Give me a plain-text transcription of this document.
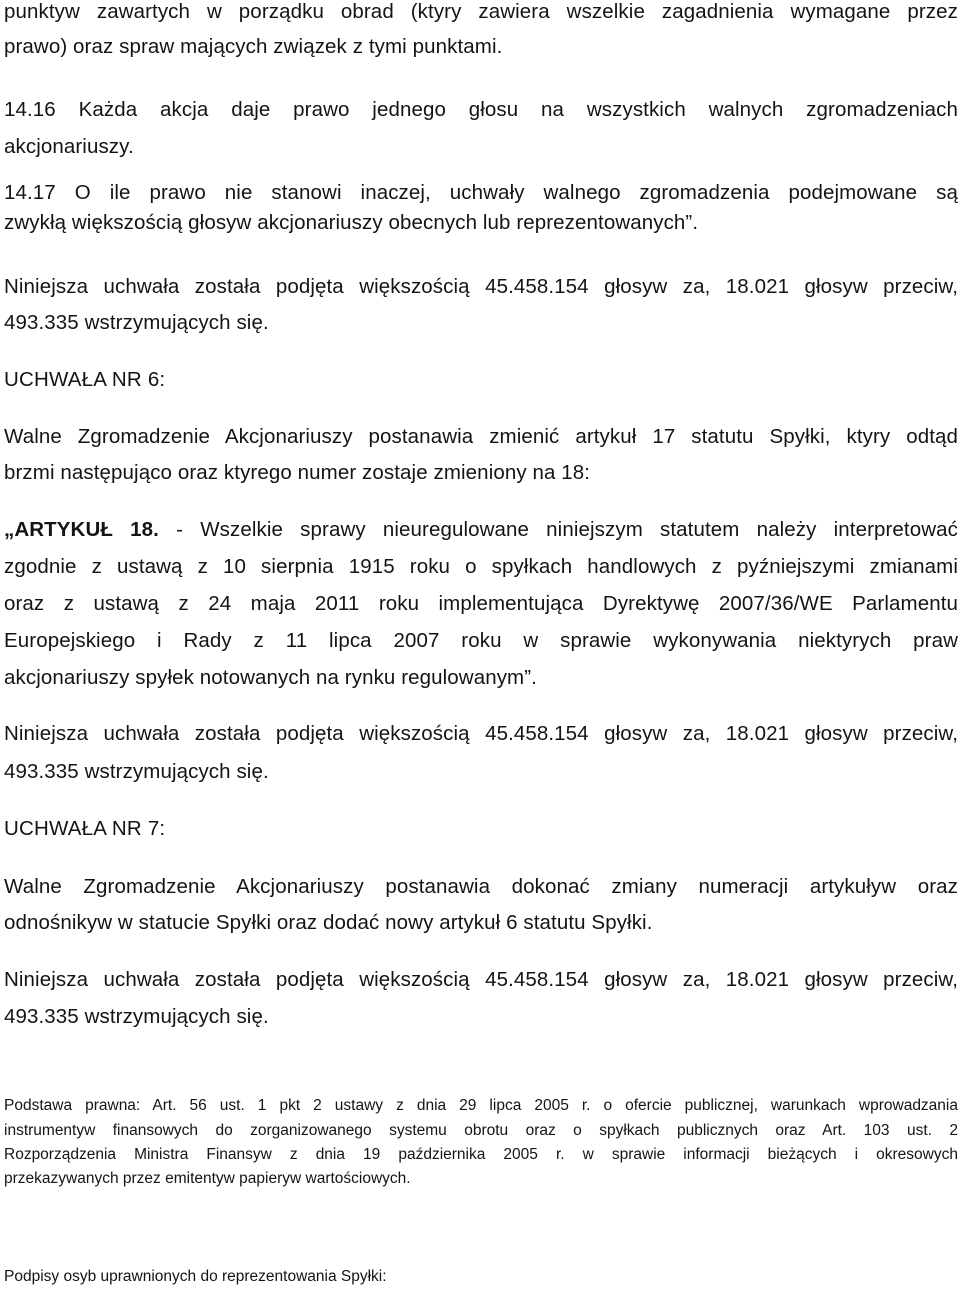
punktyw zawartych w porządku obrad (ktyry zawiera wszelkie zagadnienia wymagane przez
prawo) oraz spraw mających związek z tymi punktami.
14.16 Każda akcja daje prawo jednego głosu na wszystkich walnych zgromadzeniach
akcjonariuszy.
14.17 O ile prawo nie stanowi inaczej, uchwały walnego zgromadzenia podejmowane są
zwykłą większością głosyw akcjonariuszy obecnych lub reprezentowanych”.
Niniejsza uchwała została podjęta większością 45.458.154 głosyw za, 18.021 głosyw przeciw,
493.335 wstrzymujących się.
UCHWAŁA NR 6:
Walne Zgromadzenie Akcjonariuszy postanawia zmienić artykuł 17 statutu Spyłki, ktyry odtąd
brzmi następująco oraz ktyrego numer zostaje zmieniony na 18:
„ARTYKUŁ 18. - Wszelkie sprawy nieuregulowane niniejszym statutem należy interpretować
zgodnie z ustawą z 10 sierpnia 1915 roku o spyłkach handlowych z pyźniejszymi zmianami
oraz z ustawą z 24 maja 2011 roku implementująca Dyrektywę 2007/36/WE Parlamentu
Europejskiego i Rady z 11 lipca 2007 roku w sprawie wykonywania niektyrych praw
akcjonariuszy spyłek notowanych na rynku regulowanym”.
Niniejsza uchwała została podjęta większością 45.458.154 głosyw za, 18.021 głosyw przeciw,
493.335 wstrzymujących się.
UCHWAŁA NR 7:
Walne Zgromadzenie Akcjonariuszy postanawia dokonać zmiany numeracji artykuływ oraz
odnośnikyw w statucie Spyłki oraz dodać nowy artykuł 6 statutu Spyłki.
Niniejsza uchwała została podjęta większością 45.458.154 głosyw za, 18.021 głosyw przeciw,
493.335 wstrzymujących się.
Podstawa prawna: Art. 56 ust. 1 pkt 2 ustawy z dnia 29 lipca 2005 r. o ofercie publicznej, warunkach wprowadzania
instrumentyw finansowych do zorganizowanego systemu obrotu oraz o spyłkach publicznych oraz Art. 103 ust. 2
Rozporządzenia Ministra Finansyw z dnia 19 października 2005 r. w sprawie informacji bieżących i okresowych
przekazywanych przez emitentyw papieryw wartościowych.
Podpisy osyb uprawnionych do reprezentowania Spyłki:
